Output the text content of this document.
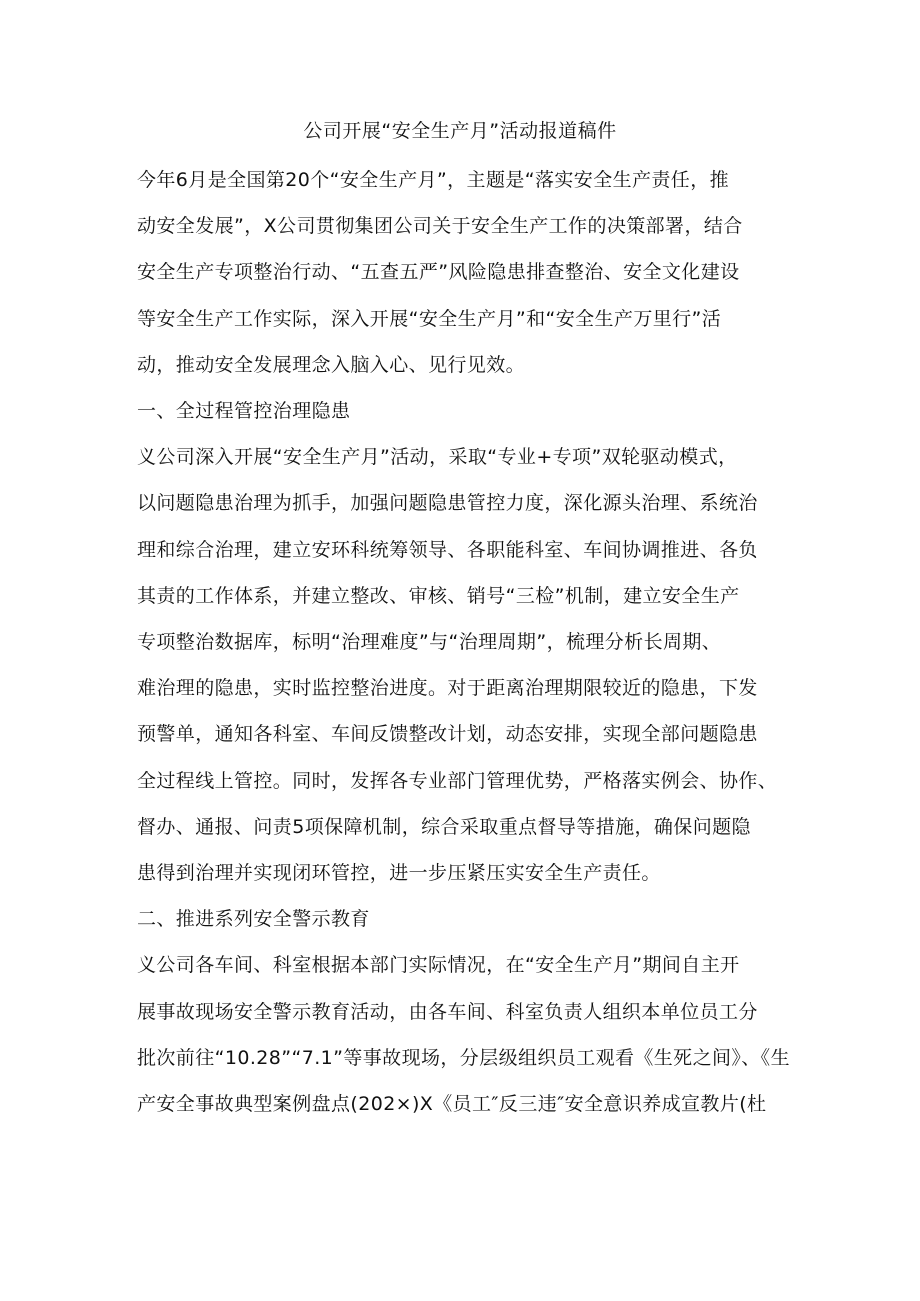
公司开展“安全生产月”活动报道稿件
今年6月是全国第20个“安全生产月”，主题是“落实安全生产责任，推
动安全发展”，X公司贯彻集团公司关于安全生产工作的决策部署，结合
安全生产专项整治行动、“五查五严”风险隐患排查整治、安全文化建设
等安全生产工作实际，深入开展“安全生产月”和“安全生产万里行”活
动，推动安全发展理念入脑入心、见行见效。
一、全过程管控治理隐患
义公司深入开展“安全生产月”活动，采取“专业+专项”双轮驱动模式，
以问题隐患治理为抓手，加强问题隐患管控力度，深化源头治理、系统治
理和综合治理，建立安环科统筹领导、各职能科室、车间协调推进、各负
其责的工作体系，并建立整改、审核、销号“三检”机制，建立安全生产
专项整治数据库，标明“治理难度”与“治理周期”，梳理分析长周期、
难治理的隐患，实时监控整治进度。对于距离治理期限较近的隐患，下发
预警单，通知各科室、车间反馈整改计划，动态安排，实现全部问题隐患
全过程线上管控。同时，发挥各专业部门管理优势，严格落实例会、协作、
督办、通报、问责5项保障机制，综合采取重点督导等措施，确保问题隐
患得到治理并实现闭环管控，进一步压紧压实安全生产责任。
二、推进系列安全警示教育
义公司各车间、科室根据本部门实际情况，在“安全生产月”期间自主开
展事故现场安全警示教育活动，由各车间、科室负责人组织本单位员工分
批次前往“10.28”“7.1”等事故现场，分层级组织员工观看《生死之间》、《生
产安全事故典型案例盘点(202×)X《员工″反三违″安全意识养成宣教片(杜
